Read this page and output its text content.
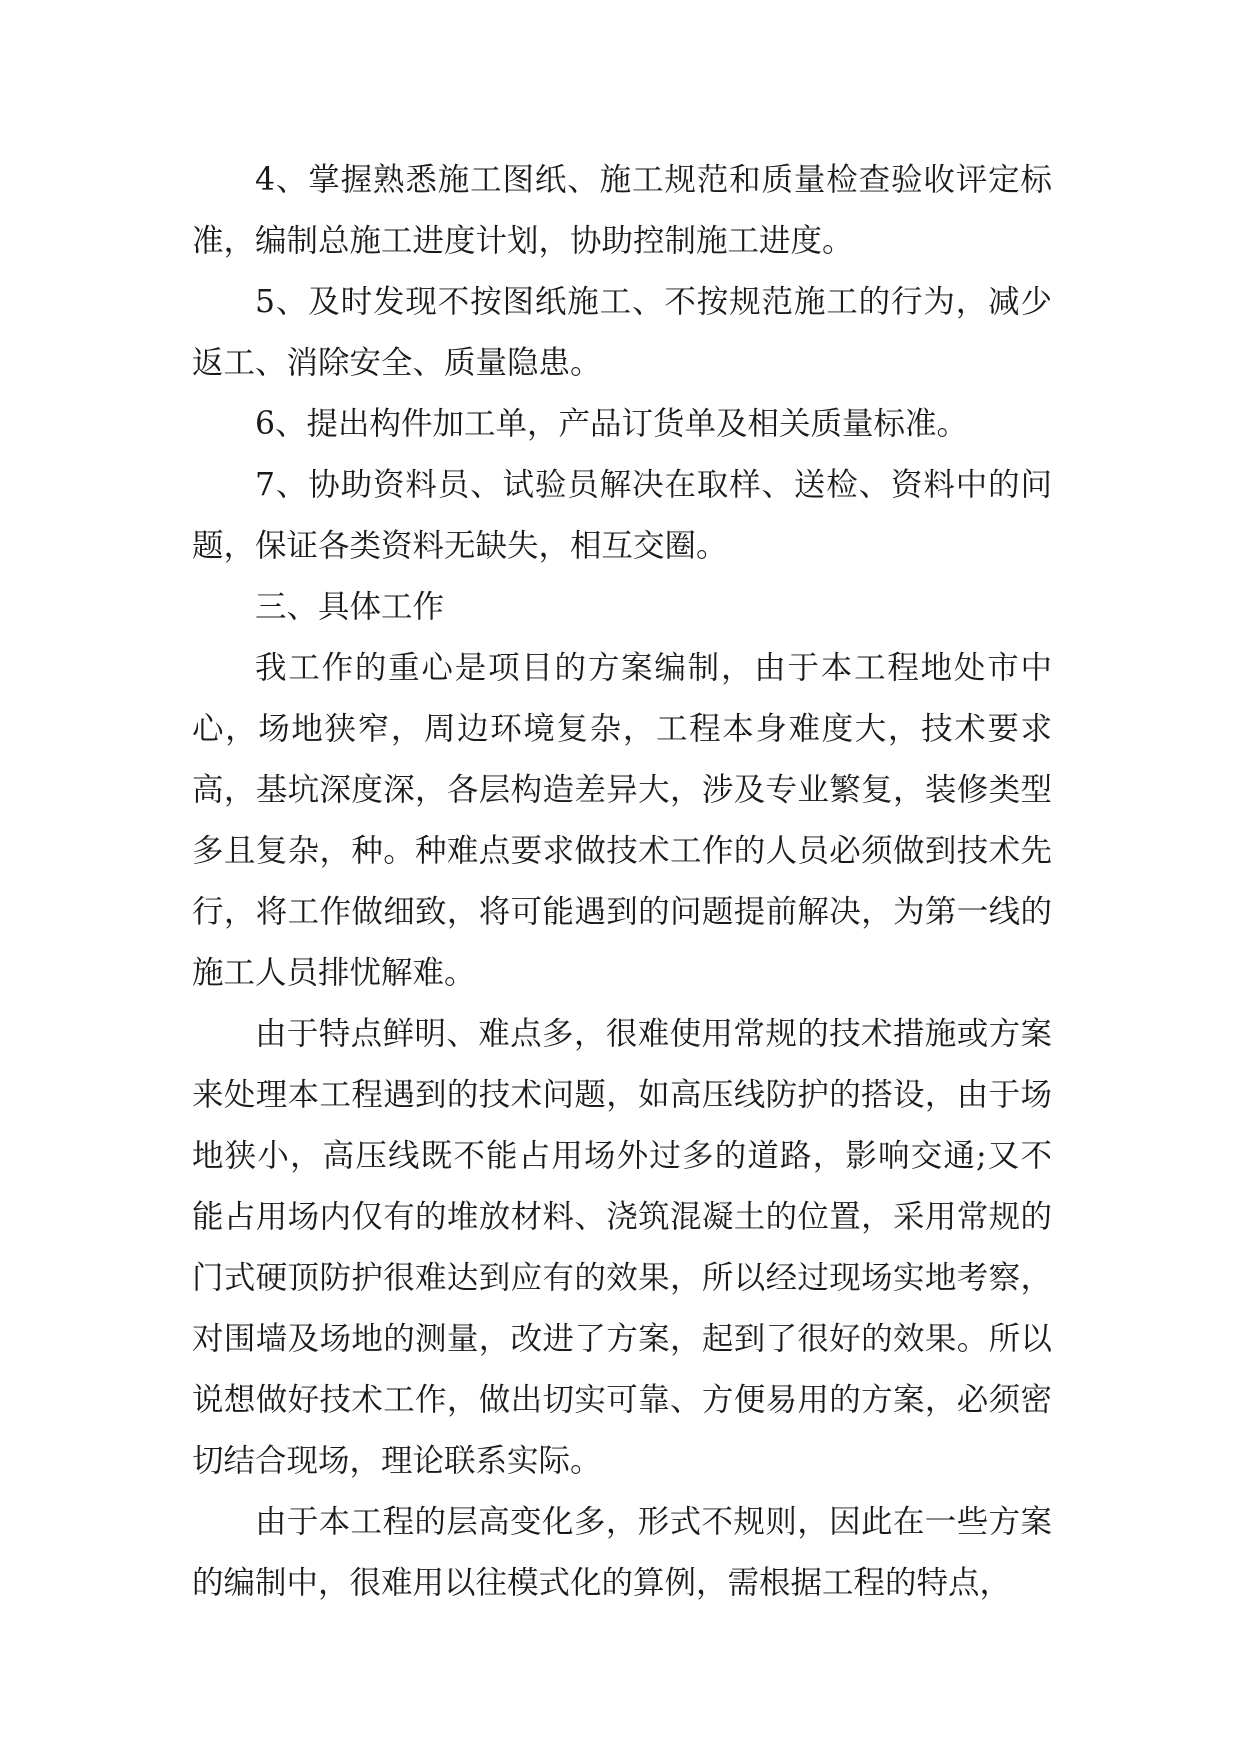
4、掌握熟悉施工图纸、施工规范和质量检查验收评定标准，编制总施工进度计划，协助控制施工进度。

5、及时发现不按图纸施工、不按规范施工的行为，减少返工、消除安全、质量隐患。

6、提出构件加工单，产品订货单及相关质量标准。

7、协助资料员、试验员解决在取样、送检、资料中的问题，保证各类资料无缺失，相互交圈。

三、具体工作

我工作的重心是项目的方案编制，由于本工程地处市中心，场地狭窄，周边环境复杂，工程本身难度大，技术要求高，基坑深度深，各层构造差异大，涉及专业繁复，装修类型多且复杂，种。种难点要求做技术工作的人员必须做到技术先行，将工作做细致，将可能遇到的问题提前解决，为第一线的施工人员排忧解难。

由于特点鲜明、难点多，很难使用常规的技术措施或方案来处理本工程遇到的技术问题，如高压线防护的搭设，由于场地狭小，高压线既不能占用场外过多的道路，影响交通;又不能占用场内仅有的堆放材料、浇筑混凝土的位置，采用常规的门式硬顶防护很难达到应有的效果，所以经过现场实地考察，对围墙及场地的测量，改进了方案，起到了很好的效果。所以说想做好技术工作，做出切实可靠、方便易用的方案，必须密切结合现场，理论联系实际。

由于本工程的层高变化多，形式不规则，因此在一些方案的编制中，很难用以往模式化的算例，需根据工程的特点，
